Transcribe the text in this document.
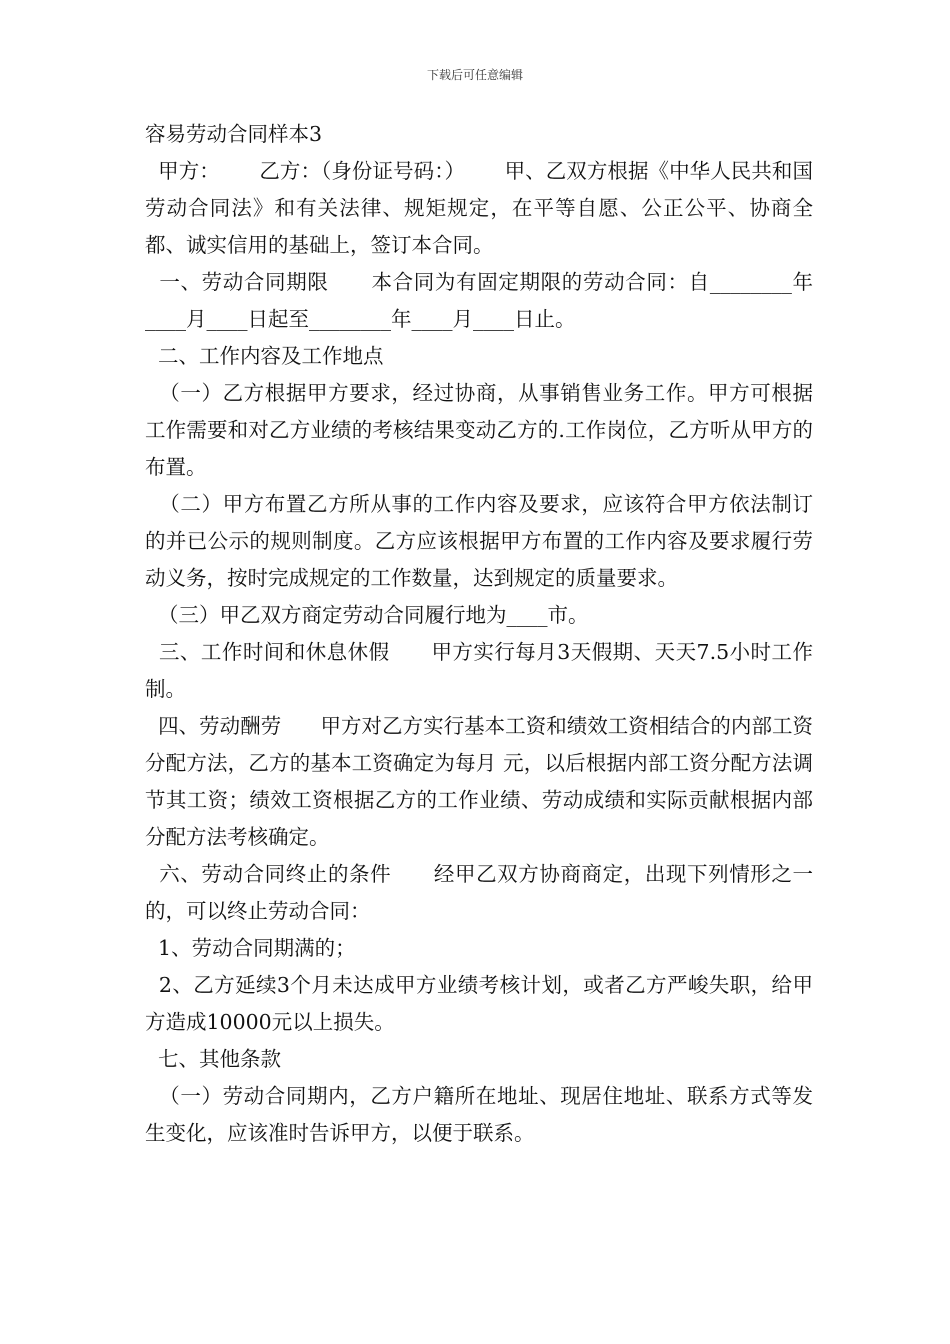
下载后可任意编辑

容易劳动合同样本3

甲方：      乙方：（身份证号码：）      甲、乙双方根据《中华人民共和国劳动合同法》和有关法律、规矩规定，在平等自愿、公正公平、协商全都、诚实信用的基础上，签订本合同。

一、劳动合同期限      本合同为有固定期限的劳动合同：自________年____月____日起至________年____月____日止。

二、工作内容及工作地点

（一）乙方根据甲方要求，经过协商，从事销售业务工作。甲方可根据工作需要和对乙方业绩的考核结果变动乙方的.工作岗位，乙方听从甲方的布置。

（二）甲方布置乙方所从事的工作内容及要求，应该符合甲方依法制订的并已公示的规则制度。乙方应该根据甲方布置的工作内容及要求履行劳动义务，按时完成规定的工作数量，达到规定的质量要求。

（三）甲乙双方商定劳动合同履行地为____市。

三、工作时间和休息休假      甲方实行每月3天假期、天天7.5小时工作制。

四、劳动酬劳      甲方对乙方实行基本工资和绩效工资相结合的内部工资分配方法，乙方的基本工资确定为每月 元，以后根据内部工资分配方法调节其工资；绩效工资根据乙方的工作业绩、劳动成绩和实际贡献根据内部分配方法考核确定。

六、劳动合同终止的条件      经甲乙双方协商商定，出现下列情形之一的，可以终止劳动合同：

1、劳动合同期满的；

2、乙方延续3个月未达成甲方业绩考核计划，或者乙方严峻失职，给甲方造成10000元以上损失。

七、其他条款

（一）劳动合同期内，乙方户籍所在地址、现居住地址、联系方式等发生变化，应该准时告诉甲方，以便于联系。
